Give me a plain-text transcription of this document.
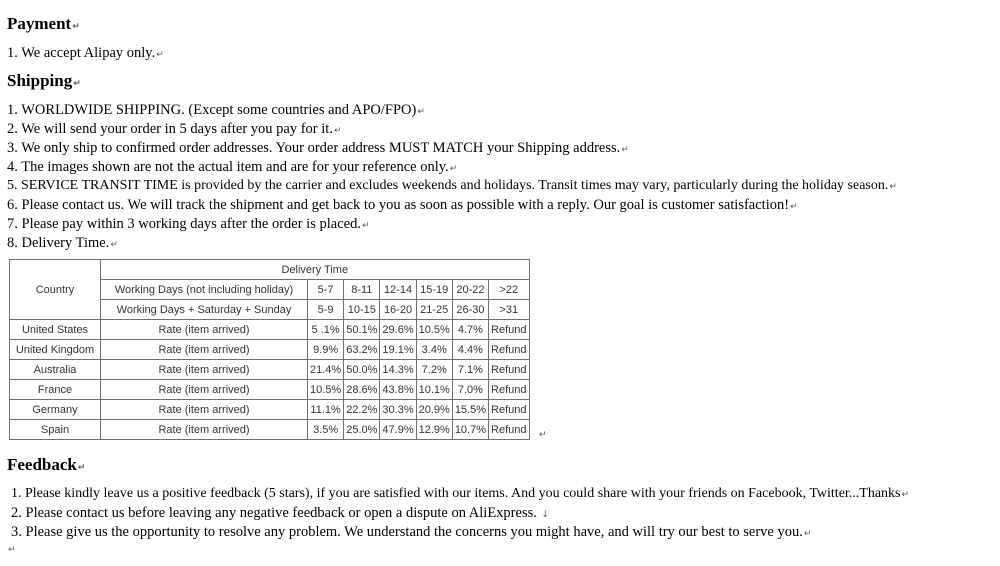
Payment↵

1. We accept Alipay only.↵

Shipping↵

1. WORLDWIDE SHIPPING. (Except some countries and APO/FPO)↵

2. We will send your order in 5 days after you pay for it.↵

3. We only ship to confirmed order addresses. Your order address MUST MATCH your Shipping address.↵

4. The images shown are not the actual item and are for your reference only.↵

5. SERVICE TRANSIT TIME is provided by the carrier and excludes weekends and holidays. Transit times may vary, particularly during the holiday season.↵

6. Please contact us. We will track the shipment and get back to you as soon as possible with a reply. Our goal is customer satisfaction!↵

7. Please pay within 3 working days after the order is placed.↵

8. Delivery Time.↵

Country	Delivery Time						
	Working Days (not including holiday)	5-7	8-11	12-14	15-19	20-22	>22
	Working Days + Saturday + Sunday	5-9	10-15	16-20	21-25	26-30	>31
United States	Rate (item arrived)	5 .1%	50.1%	29.6%	10.5%	4.7%	Refund
United Kingdom	Rate (item arrived)	9.9%	63.2%	19.1%	3.4%	4.4%	Refund
Australia	Rate (item arrived)	21.4%	50.0%	14.3%	7.2%	7.1%	Refund
France	Rate (item arrived)	10.5%	28.6%	43.8%	10.1%	7.0%	Refund
Germany	Rate (item arrived)	11.1%	22.2%	30.3%	20.9%	15.5%	Refund
Spain	Rate (item arrived)	3.5%	25.0%	47.9%	12.9%	10.7%	Refund ↵
Feedback↵

1. Please kindly leave us a positive feedback (5 stars), if you are satisfied with our items. And you could share with your friends on Facebook, Twitter...Thanks↵

2. Please contact us before leaving any negative feedback or open a dispute on AliExpress. ↓

3. Please give us the opportunity to resolve any problem. We understand the concerns you might have, and will try our best to serve you.↵

↵
